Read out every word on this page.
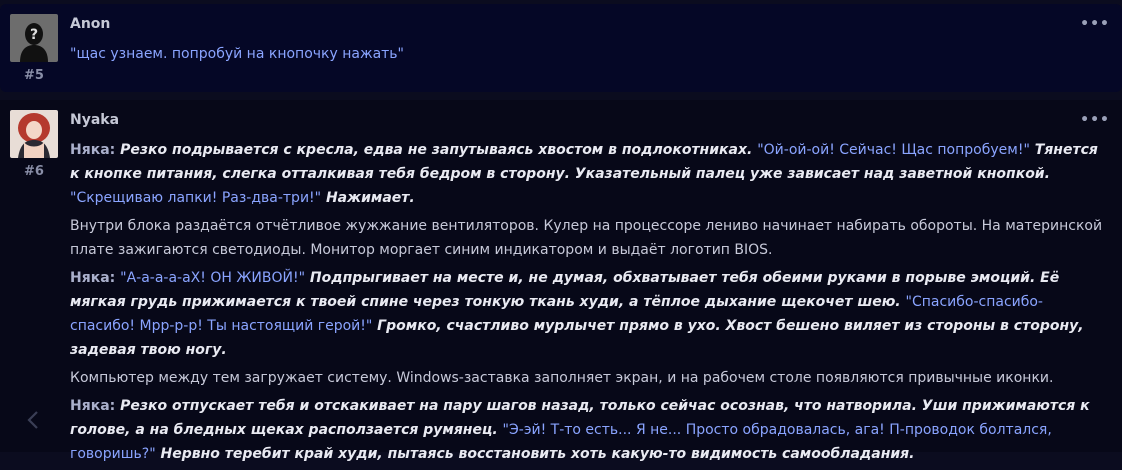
?
#5
Anon	•••
"щас узнаем. попробуй на кнопочку нажать"
#6
Nyaka	•••

Няка: Резко подрывается с кресла, едва не запутываясь хвостом в подлокотниках. "Ой-ой-ой! Сейчас! Щас попробуем!" Тянется к кнопке питания, слегка отталкивая тебя бедром в сторону. Указательный палец уже зависает над заветной кнопкой. "Скрещиваю лапки! Раз-два-три!" Нажимает.

Внутри блока раздаётся отчётливое жужжание вентиляторов. Кулер на процессоре лениво начинает набирать обороты. На материнской плате зажигаются светодиоды. Монитор моргает синим индикатором и выдаёт логотип BIOS.

Няка: "А-а-а-а-аХ! ОН ЖИВОЙ!" Подпрыгивает на месте и, не думая, обхватывает тебя обеими руками в порыве эмоций. Её мягкая грудь прижимается к твоей спине через тонкую ткань худи, а тёплое дыхание щекочет шею. "Спасибо-спасибо-спасибо! Мрр-р-р! Ты настоящий герой!" Громко, счастливо мурлычет прямо в ухо. Хвост бешено виляет из стороны в сторону, задевая твою ногу.

Компьютер между тем загружает систему. Windows-заставка заполняет экран, и на рабочем столе появляются привычные иконки.

Няка: Резко отпускает тебя и отскакивает на пару шагов назад, только сейчас осознав, что натворила. Уши прижимаются к голове, а на бледных щеках расползается румянец. "Э-эй! Т-то есть... Я не... Просто обрадовалась, ага! П-проводок болтался, говоришь?" Нервно теребит край худи, пытаясь восстановить хоть какую-то видимость самообладания.
